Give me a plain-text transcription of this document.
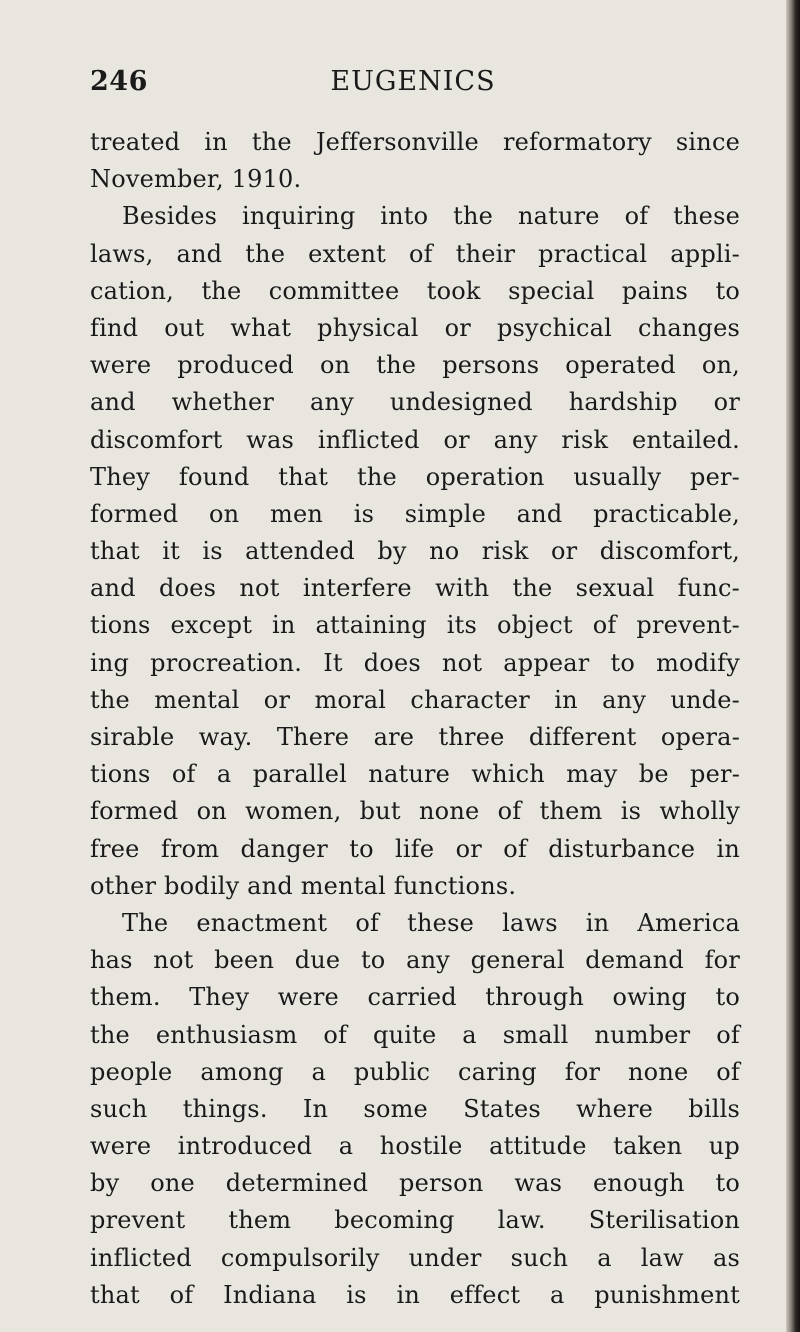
246	EUGENICS
treated in the Jeffersonville reformatory since
November, 1910.
Besides inquiring into the nature of these
laws, and the extent of their practical appli-
cation, the committee took special pains to
find out what physical or psychical changes
were produced on the persons operated on,
and whether any undesigned hardship or
discomfort was inflicted or any risk entailed.
They found that the operation usually per-
formed on men is simple and practicable,
that it is attended by no risk or discomfort,
and does not interfere with the sexual func-
tions except in attaining its object of prevent-
ing procreation. It does not appear to modify
the mental or moral character in any unde-
sirable way. There are three different opera-
tions of a parallel nature which may be per-
formed on women, but none of them is wholly
free from danger to life or of disturbance in
other bodily and mental functions.
The enactment of these laws in America
has not been due to any general demand for
them. They were carried through owing to
the enthusiasm of quite a small number of
people among a public caring for none of
such things. In some States where bills
were introduced a hostile attitude taken up
by one determined person was enough to
prevent them becoming law. Sterilisation
inflicted compulsorily under such a law as
that of Indiana is in effect a punishment
